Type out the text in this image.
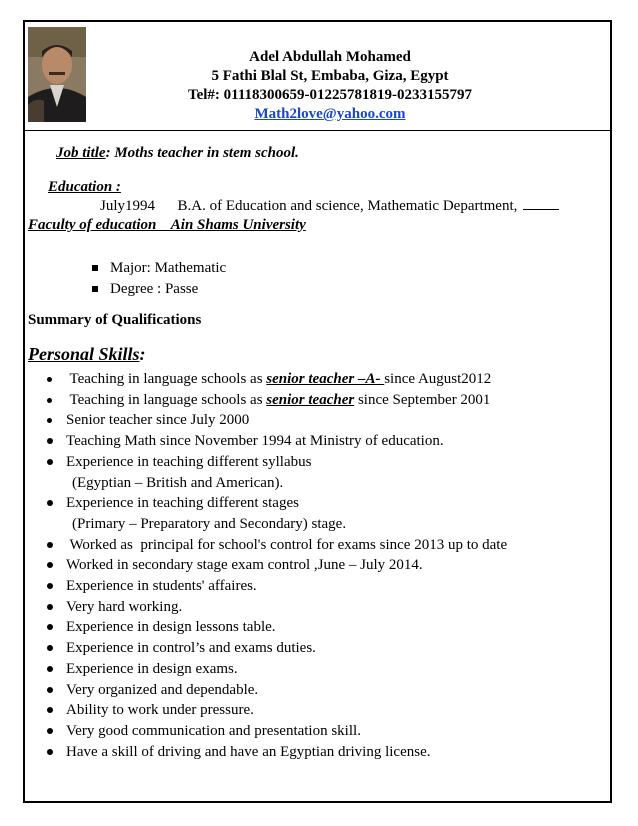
Adel Abdullah Mohamed
5 Fathi Blal St, Embaba, Giza, Egypt
Tel#: 01118300659-01225781819-0233155797
Math2love@yahoo.com
Job title: Moths teacher in stem school.
Education :
July1994      B.A. of Education and science, Mathematic Department,
Faculty of education    Ain Shams University
Major: Mathematic
Degree : Passe
Summary of Qualifications
Personal Skills:
Teaching in language schools as senior teacher –A- since August2012
Teaching in language schools as senior teacher since September 2001
Senior teacher since July 2000
Teaching Math since November 1994 at Ministry of education.
Experience in teaching different syllabus
(Egyptian – British and American).
Experience in teaching different stages
(Primary – Preparatory and Secondary) stage.
Worked as  principal for school's control for exams since 2013 up to date
Worked in secondary stage exam control ,June – July 2014.
Experience in students' affaires.
Very hard working.
Experience in design lessons table.
Experience in control’s and exams duties.
Experience in design exams.
Very organized and dependable.
Ability to work under pressure.
Very good communication and presentation skill.
Have a skill of driving and have an Egyptian driving license.
